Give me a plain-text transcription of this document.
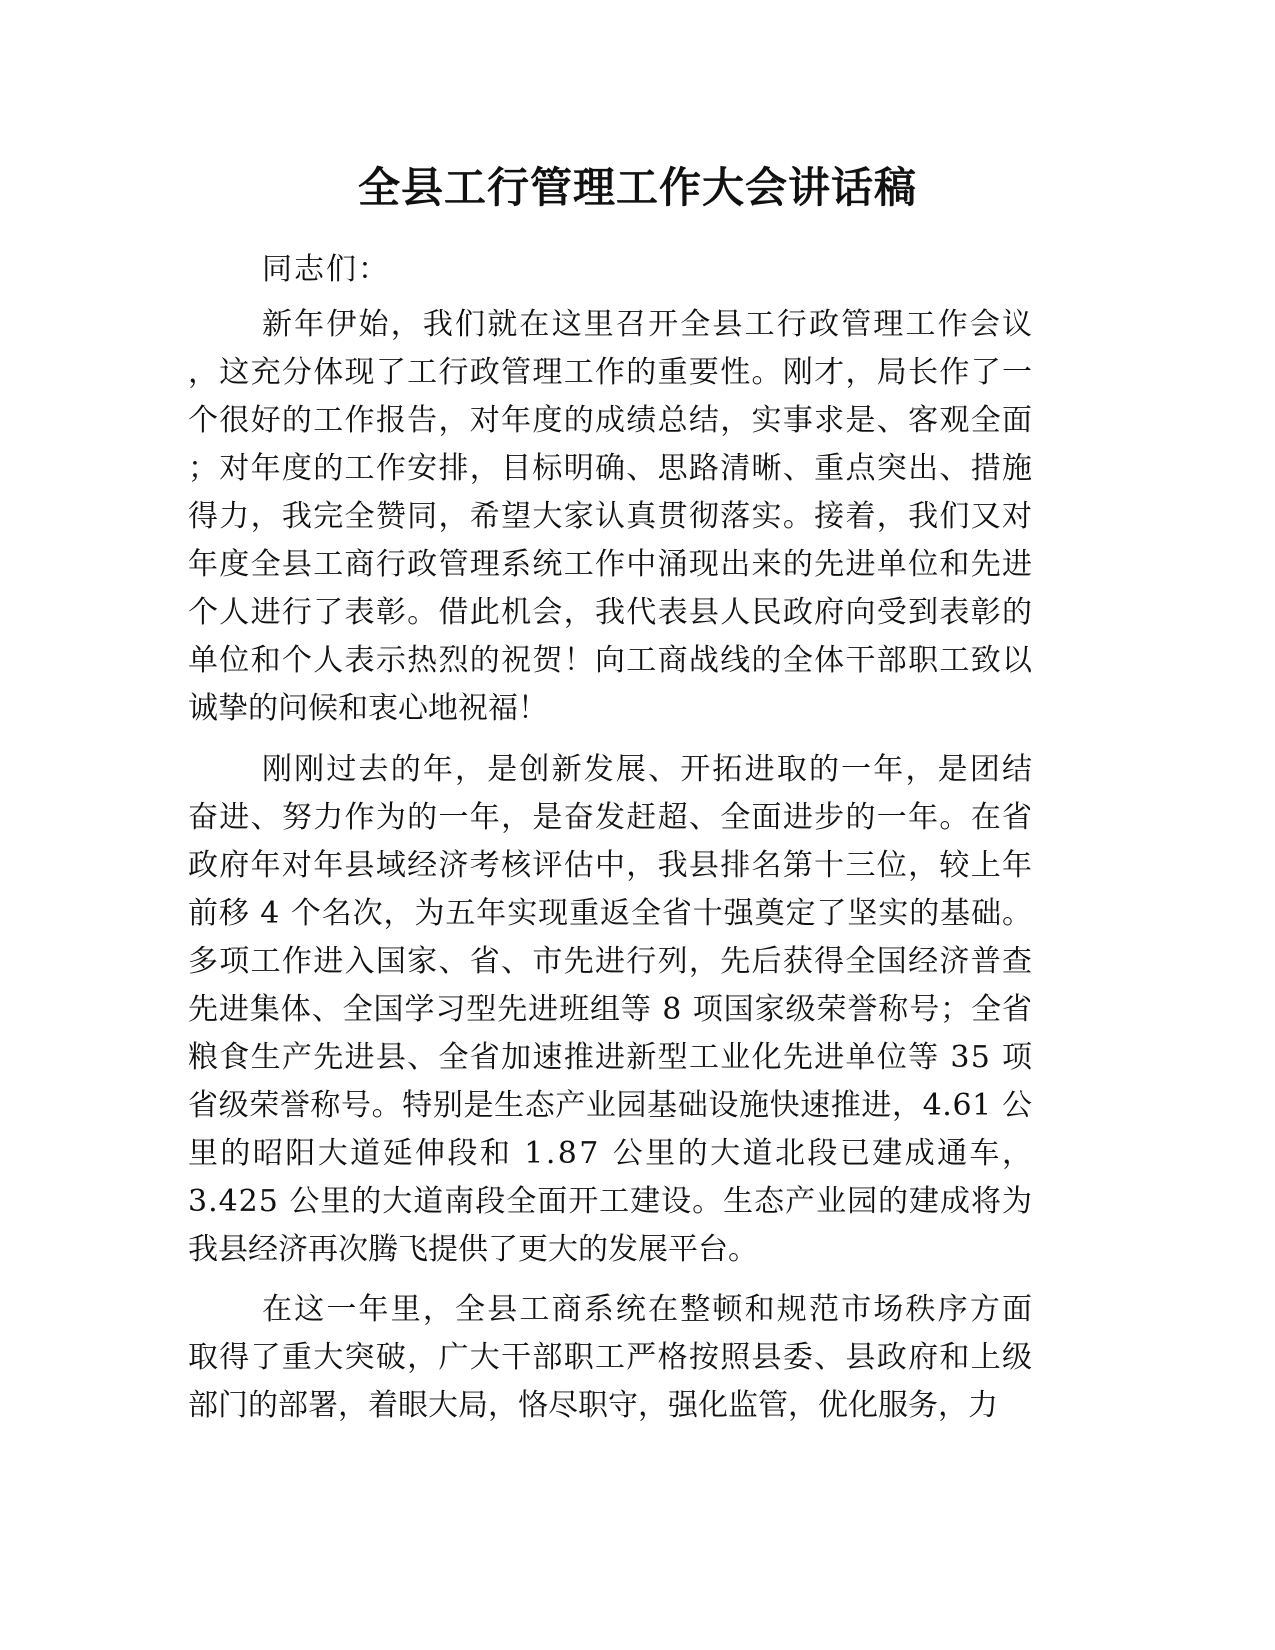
全县工行管理工作大会讲话稿

同志们：

新年伊始，我们就在这里召开全县工行政管理工作会议

，这充分体现了工行政管理工作的重要性。刚才，局长作了一

个很好的工作报告，对年度的成绩总结，实事求是、客观全面

；对年度的工作安排，目标明确、思路清晰、重点突出、措施

得力，我完全赞同，希望大家认真贯彻落实。接着，我们又对

年度全县工商行政管理系统工作中涌现出来的先进单位和先进

个人进行了表彰。借此机会，我代表县人民政府向受到表彰的

单位和个人表示热烈的祝贺！向工商战线的全体干部职工致以

诚挚的问候和衷心地祝福！

刚刚过去的年，是创新发展、开拓进取的一年，是团结

奋进、努力作为的一年，是奋发赶超、全面进步的一年。在省

政府年对年县域经济考核评估中，我县排名第十三位，较上年

前移 4 个名次，为五年实现重返全省十强奠定了坚实的基础。

多项工作进入国家、省、市先进行列，先后获得全国经济普查

先进集体、全国学习型先进班组等 8 项国家级荣誉称号；全省

粮食生产先进县、全省加速推进新型工业化先进单位等 35 项

省级荣誉称号。特别是生态产业园基础设施快速推进，4.61 公

里的昭阳大道延伸段和 1.87 公里的大道北段已建成通车，

3.425 公里的大道南段全面开工建设。生态产业园的建成将为

我县经济再次腾飞提供了更大的发展平台。

在这一年里，全县工商系统在整顿和规范市场秩序方面

取得了重大突破，广大干部职工严格按照县委、县政府和上级

部门的部署，着眼大局，恪尽职守，强化监管，优化服务，力
